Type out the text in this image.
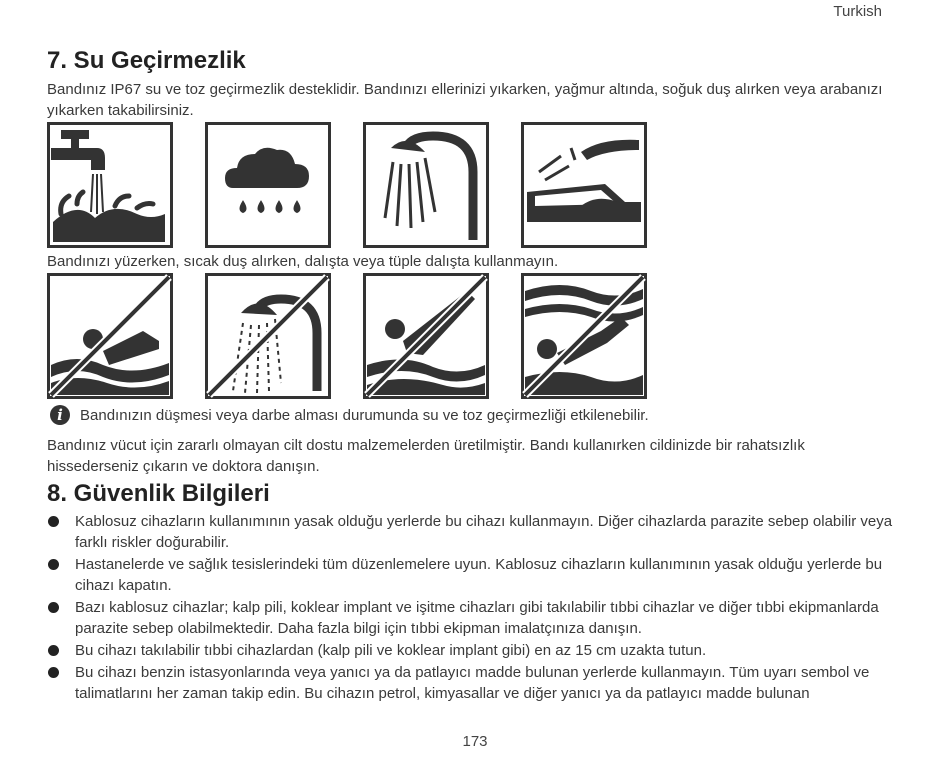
Turkish
7. Su Geçirmezlik
Bandınız IP67 su ve toz geçirmezlik desteklidir. Bandınızı ellerinizi yıkarken, yağmur altında, soğuk duş alırken veya arabanızı yıkarken takabilirsiniz.
Bandınızı yüzerken, sıcak duş alırken, dalışta veya tüple dalışta kullanmayın.
i	Bandınızın düşmesi veya darbe alması durumunda su ve toz geçirmezliği etkilenebilir.
Bandınız vücut için zararlı olmayan cilt dostu malzemelerden üretilmiştir. Bandı kullanırken cildinizde bir rahatsızlık hissederseniz çıkarın ve doktora danışın.
8. Güvenlik Bilgileri
Kablosuz cihazların kullanımının yasak olduğu yerlerde bu cihazı kullanmayın. Diğer cihazlarda parazite sebep olabilir veya farklı riskler doğurabilir.
Hastanelerde ve sağlık tesislerindeki tüm düzenlemelere uyun. Kablosuz cihazların kullanımının yasak olduğu yerlerde bu cihazı kapatın.
Bazı kablosuz cihazlar; kalp pili, koklear implant ve işitme cihazları gibi takılabilir tıbbi cihazlar ve diğer tıbbi ekipmanlarda parazite sebep olabilmektedir. Daha fazla bilgi için tıbbi ekipman imalatçınıza danışın.
Bu cihazı takılabilir tıbbi cihazlardan (kalp pili ve koklear implant gibi) en az 15 cm uzakta tutun.
Bu cihazı benzin istasyonlarında veya yanıcı ya da patlayıcı madde bulunan yerlerde kullanmayın. Tüm uyarı sembol ve talimatlarını her zaman takip edin. Bu cihazın petrol, kimyasallar ve diğer yanıcı ya da patlayıcı madde bulunan
173
